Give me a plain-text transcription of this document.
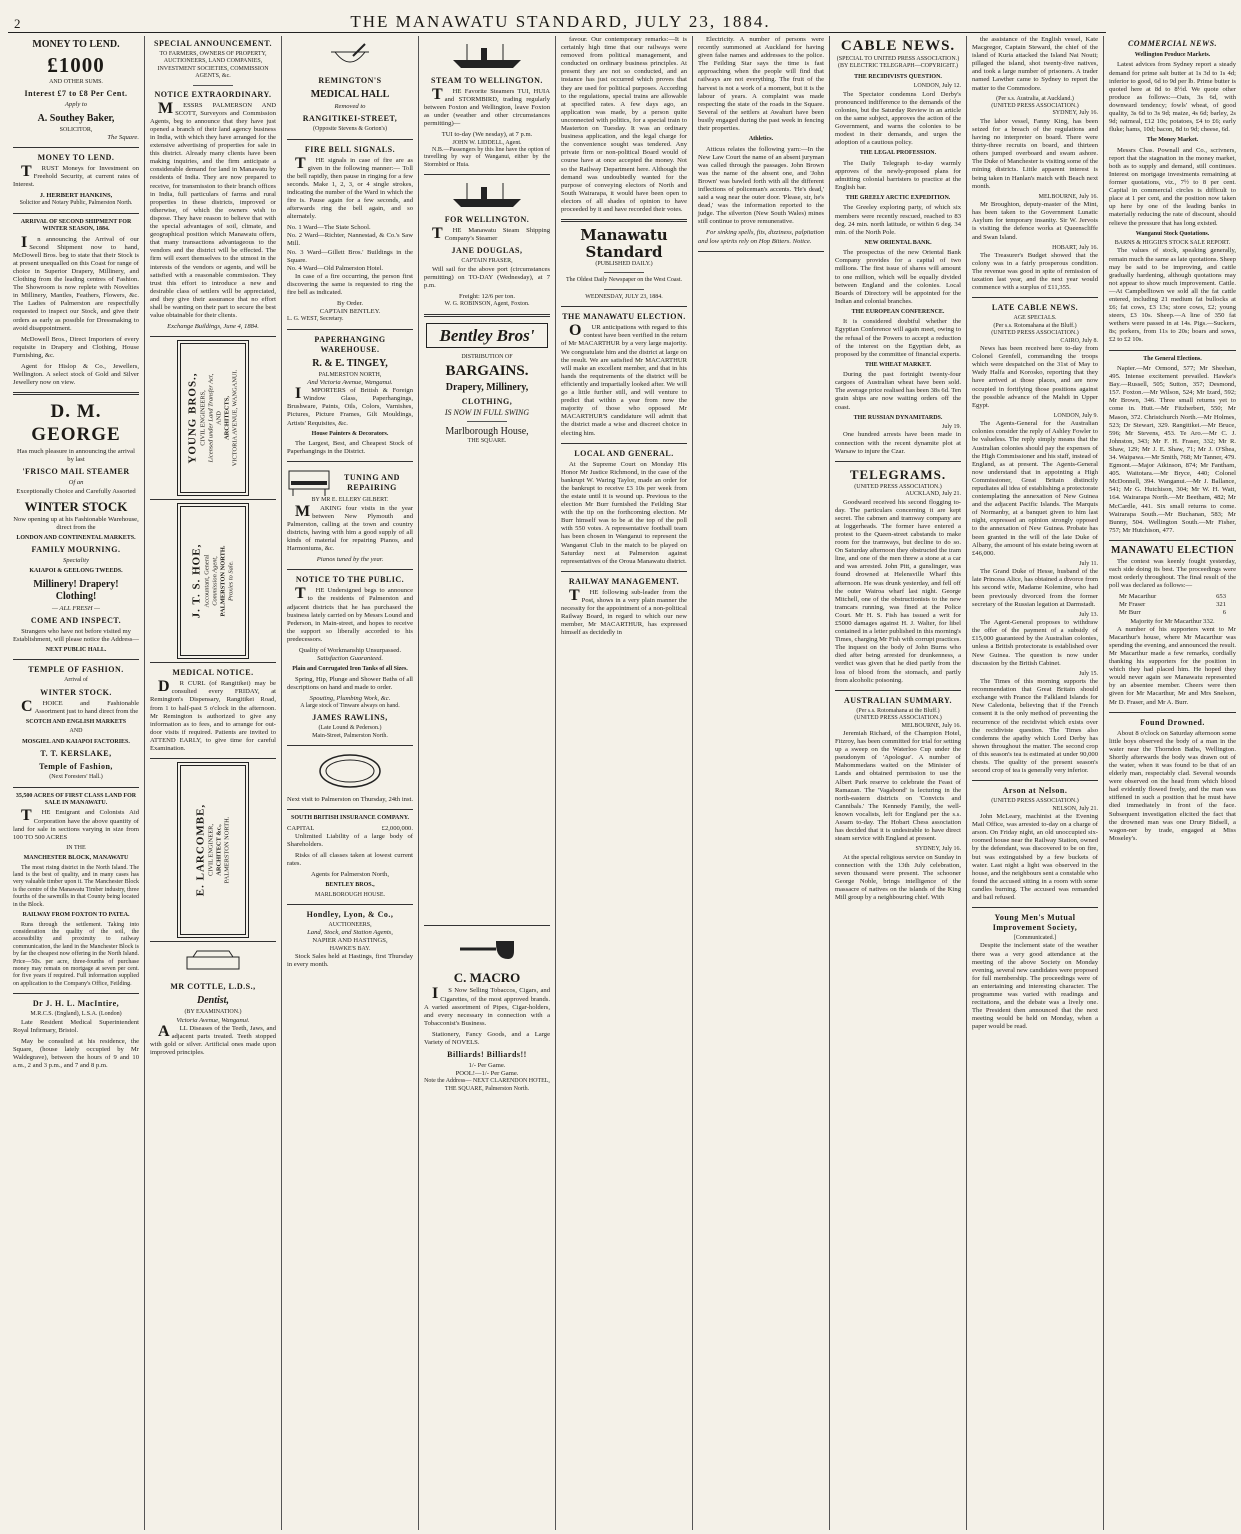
2	THE MANAWATU STANDARD, JULY 23, 1884.
MONEY TO LEND.
£1000
AND OTHER SUMS.
Interest £7 to £8 Per Cent.
Apply to
A. Southey Baker,
SOLICITOR,
The Square.
MONEY TO LEND.

TRUST Moneys for Investment on Freehold Security, at current rates of Interest.

J. HERBERT HANKINS,
Solicitor and Notary Public, Palmerston North.
ARRIVAL OF SECOND SHIPMENT FOR WINTER SEASON, 1884.

In announcing the Arrival of our Second Shipment now to hand, McDowell Bros. beg to state that their Stock is at present unequalled on this Coast for range of choice in Superior Drapery, Millinery, and Clothing from the leading centres of Fashion. The Showroom is now replete with Novelties in Millinery, Mantles, Feathers, Flowers, &c. The Ladies of Palmerston are respectfully requested to inspect our Stock, and give their orders as early as possible for Dressmaking to avoid disappointment.

McDowell Bros., Direct Importers of every requisite in Drapery and Clothing, House Furnishing, &c.

Agent for Hislop & Co., Jewellers, Wellington. A select stock of Gold and Silver Jewellery now on view.

D. M. GEORGE
Has much pleasure in announcing the arrival by last
'FRISCO MAIL STEAMER
Of an
Exceptionally Choice and Carefully Assorted
WINTER STOCK
Now opening up at his Fashionable Warehouse, direct from the
LONDON AND CONTINENTAL MARKETS.
FAMILY MOURNING.
Speciality
KAIAPOI & GEELONG TWEEDS.
Millinery! Drapery! Clothing!
— ALL FRESH —
COME AND INSPECT.
Strangers who have not before visited my Establishment, will please notice the Address—
NEXT PUBLIC HALL.
TEMPLE OF FASHION.
Arrival of
WINTER STOCK.

CHOICE and Fashionable Assortment just to hand direct from the

SCOTCH AND ENGLISH MARKETS
AND
MOSGIEL AND KAIAPOI FACTORIES.
T. T. KERSLAKE,
Temple of Fashion,
(Next Foresters' Hall.)
35,500 ACRES OF FIRST CLASS LAND FOR SALE IN MANAWATU.

THE Emigrant and Colonists Aid Corporation have the above quantity of land for sale in sections varying in size from 100 TO 500 ACRES

IN THE
MANCHESTER BLOCK, MANAWATU

The most rising district in the North Island. The land is the best of quality, and in many cases has very valuable timber upon it. The Manchester Block is the centre of the Manawatu Timber industry, three fourths of the sawmills in that County being located in the Block.

RAILWAY FROM FOXTON TO PATEA.

Runs through the settlement. Taking into consideration the quality of the soil, the accessibility and proximity to railway communication, the land in the Manchester Block is by far the cheapest now offering in the North Island. Price—50s. per acre, three-fourths of purchase money may remain on mortgage at seven per cent. for five years if required. Full information supplied on application to the Company's Office, Feilding.

Dr J. H. L. MacIntire,
M.R.C.S. (England), L.S.A. (London)

Late Resident Medical Superintendent Royal Infirmary, Bristol.

May be consulted at his residence, the Square, (house lately occupied by Mr Waldegrave), between the hours of 9 and 10 a.m., 2 and 3 p.m., and 7 and 8 p.m.

SPECIAL ANNOUNCEMENT.
TO FARMERS, OWNERS OF PROPERTY, AUCTIONEERS, LAND COMPANIES, INVESTMENT SOCIETIES, COMMISSION AGENTS, &c.
NOTICE EXTRAORDINARY.

MESSRS PALMERSON AND SCOTT, Surveyors and Commission Agents, beg to announce that they have just opened a branch of their land agency business in India, with which they have arranged for the extensive advertising of properties for sale in this district. Already many clients have been making inquiries, and the firm anticipate a considerable demand for land in Manawatu by residents of India. They are now prepared to receive, for transmission to their branch offices in India, full particulars of farms and rural properties in these districts, improved or otherwise, of which the owners wish to dispose. They have reason to believe that with the special advantages of soil, climate, and geographical position which Manawatu offers, that many transactions advantageous to the vendors and the district will be effected. The firm will exert themselves to the utmost in the interests of the vendors or agents, and will be satisfied with a reasonable commission. They trust this effort to introduce a new and desirable class of settlers will be appreciated, and they give their assurance that no effort shall be wanting on their part to secure the best value obtainable for their clients.

Exchange Buildings, June 4, 1884.
YOUNG BROS., CIVIL ENGINEERS, Licensed under Land Transfer Act, AND ARCHITECTS, VICTORIA AVENUE, WANGANUI.
J. T. S. HOE, Accountant, General Commission Agent, PALMERSTON NORTH. Proxies to Sale.
MEDICAL NOTICE.

DR CURL (of Rangitikei) may be consulted every FRIDAY, at Remington's Dispensary, Rangitikei Road, from 1 to half-past 5 o'clock in the afternoon. Mr Remington is authorized to give any information as to fees, and to arrange for out-door visits if required. Patients are invited to ATTEND EARLY, to give time for careful Examination.

E. LARCOMBE, CIVIL ENGINEER, ARCHITECT &c., PALMERSTON NORTH.
MR COTTLE, L.D.S.,
Dentist,
(BY EXAMINATION.)
Victoria Avenue, Wanganui.

ALL Diseases of the Teeth, Jaws, and adjacent parts treated. Teeth stopped with gold or silver. Artificial ones made upon improved principles.

REMINGTON'S
MEDICAL HALL
Removed to
RANGITIKEI-STREET,
(Opposite Stevens & Gorton's)
FIRE BELL SIGNALS.

THE signals in case of fire are as given in the following manner:— Toll the bell rapidly, then pause in ringing for a few seconds. Make 1, 2, 3, or 4 single strokes, indicating the number of the Ward in which the fire is. Pause again for a few seconds, and afterwards ring the bell again, and so alternately.

No. 1 Ward—The State School.
No. 2 Ward—Richter, Nannestad, & Co.'s Saw Mill.
No. 3 Ward—Gillett Bros.' Buildings in the Square.
No. 4 Ward—Old Palmerston Hotel.

In case of a fire occurring, the person first discovering the same is requested to ring the fire bell as indicated.

By Order.
CAPTAIN BENTLEY.
L. G. WEST, Secretary.
PAPERHANGING WAREHOUSE.
R. & E. TINGEY,
PALMERSTON NORTH,
And Victoria Avenue, Wanganui.

IMPORTERS of British & Foreign Window Glass, Paperhangings, Brushware, Paints, Oils, Colors, Varnishes, Pictures, Picture Frames, Gilt Mouldings, Artists' Requisites, &c.

House Painters & Decorators.

The Largest, Best, and Cheapest Stock of Paperhangings in the District.

TUNING AND REPAIRING
BY MR E. ELLERY GILBERT.

MAKING four visits in the year between New Plymouth and Palmerston, calling at the town and country districts, having with him a good supply of all kinds of material for repairing Pianos, and Harmoniums, &c.

Pianos tuned by the year.
NOTICE TO THE PUBLIC.

THE Undersigned begs to announce to the residents of Palmerston and adjacent districts that he has purchased the business lately carried on by Messrs Lound and Pederson, in Main-street, and hopes to receive the support so liberally accorded to his predecessors.

Quality of Workmanship Unsurpassed.
Satisfaction Guaranteed.
Plain and Corrugated Iron Tanks of all Sizes.

Spring, Hip, Plunge and Shower Baths of all descriptions on hand and made to order.

Spouting, Plumbing Work, &c.
A large stock of Tinware always on hand.
JAMES RAWLINS,
(Late Lound & Pederson.)
Main-Street, Palmerston North.
Next visit to Palmerston on Thursday, 24th inst.
SOUTH BRITISH INSURANCE COMPANY.
CAPITAL	£2,000,000.

Unlimited Liability of a large body of Shareholders.

Risks of all classes taken at lowest current rates.

Agents for Palmerston North,
BENTLEY BROS.,
MARLBOROUGH HOUSE.
Hondley, Lyon, & Co.,
AUCTIONEERS,
Land, Stock, and Station Agents,
NAPIER AND HASTINGS,
HAWKE'S BAY.

Stock Sales held at Hastings, first Thursday in every month.

STEAM TO WELLINGTON.

THE Favorite Steamers TUI, HUIA and STORMBIRD, trading regularly between Foxton and Wellington, leave Foxton as under (weather and other circumstances permitting)—

TUI to-day (We nesday), at 7 p.m.
JOHN W. LIDDELL, Agent.

N.B.—Passengers by this line have the option of travelling by way of Wanganui, either by the Stormbird or Huia.

FOR WELLINGTON.

THE Manawatu Steam Shipping Company's Steamer

JANE DOUGLAS,
CAPTAIN FRASER,

Will sail for the above port (circumstances permitting) on TO-DAY (Wednesday), at 7 p.m.

Freight: 12/6 per ton.
W. G. ROBINSON, Agent, Foxton.
Bentley Bros'
DISTRIBUTION OF
BARGAINS.
Drapery, Millinery,
CLOTHING,
IS NOW IN FULL SWING
Marlborough House,
THE SQUARE.
C. MACRO

IS Now Selling Tobaccos, Cigars, and Cigarettes, of the most approved brands. A varied assortment of Pipes, Cigar-holders, and every necessary in connection with a Tobacconist's Business.

Stationery, Fancy Goods, and a Large Variety of NOVELS.

Billiards! Billiards!!
1/- Per Game.
POOL!—1/- Per Game.
Note the Address— NEXT CLARENDON HOTEL, THE SQUARE, Palmerston North.

favour. Our contemporary remarks:—It is certainly high time that our railways were removed from political management, and conducted on ordinary business principles. At present they are not so conducted, and an instance has just occurred which proves that they are used for political purposes. According to the regulations, special trains are allowable at specified rates. A few days ago, an application was made, by a person quite unconnected with politics, for a special train to Masterton on Tuesday. It was an ordinary business application, and the legal charge for the convenience sought was tendered. Any private firm or non-political Board would of course have at once accepted the money. Not so the Railway Department here. Although the demand was undoubtedly wanted for the purpose of conveying electors of North and South Wairarapa, it would have been open to electors of all shades of opinion to have proceeded by it and have recorded their votes.

Manawatu Standard
(PUBLISHED DAILY.)
The Oldest Daily Newspaper on the West Coast.
WEDNESDAY, JULY 23, 1884.
THE MANAWATU ELECTION.

OUR anticipations with regard to this contest have been verified in the return of Mr MACARTHUR by a very large majority. We congratulate him and the district at large on the result. We are satisfied Mr MACARTHUR will make an excellent member, and that in his hands the requirements of the district will be efficiently and impartially looked after. We will go a little further still, and will venture to predict that within a year from now the majority of those who opposed Mr MACARTHUR'S candidature will admit that the district made a wise and discreet choice in electing him.

LOCAL AND GENERAL.

At the Supreme Court on Monday His Honor Mr Justice Richmond, in the case of the bankrupt W. Waring Taylor, made an order for the bankrupt to receive £3 10s per week from the estate until it is wound up. Previous to the election Mr Burr furnished the Feilding Star with the tip on the forthcoming election. Mr Burr himself was to be at the top of the poll with 550 votes. A representative football team has been chosen in Wanganui to represent the Wanganui Club in the match to be played on Saturday next at Palmerston against representatives of the Oroua Manawatu district.

RAILWAY MANAGEMENT.

THE following sub-leader from the Post, shows in a very plain manner the necessity for the appointment of a non-political Railway Board, in regard to which our new member, Mr MACARTHUR, has expressed himself as decidedly in

Electricity. A number of persons were recently summoned at Auckland for having given false names and addresses to the police. The Feilding Star says the time is fast approaching when the people will find that railways are not everything. The fruit of the harvest is not a work of a moment, but it is the labour of years. A complaint was made respecting the state of the roads in the Square. Several of the settlers at Awahuri have been busily engaged during the past week in fencing their properties.

Athletics.

Atticus relates the following yarn:—In the New Law Court the name of an absent juryman was called through the passages. John Brown was the name of the absent one, and 'John Brown' was bawled forth with all the different inflections of policeman's accents. 'He's dead,' said a wag near the outer door. 'Please, sir, he's dead,' was the information reported to the judge. The silverton (New South Wales) mines still continue to prove remunerative.

For sinking spells, fits, dizziness, palpitation and low spirits rely on Hop Bitters. Notice.

CABLE NEWS.
(SPECIAL TO UNITED PRESS ASSOCIATION.)
(BY ELECTRIC TELEGRAPH—COPYRIGHT.)
THE RECIDIVISTS QUESTION.
LONDON, July 12.

The Spectator condemns Lord Derby's pronounced indifference to the demands of the colonies, but the Saturday Review in an article on the same subject, approves the action of the Government, and warns the colonies to be modest in their demands, and urges the adoption of a cautious policy.

THE LEGAL PROFESSION.

The Daily Telegraph to-day warmly approves of the newly-proposed plans for admitting colonial barristers to practice at the English bar.

THE GREELY ARCTIC EXPEDITION.

The Greeley exploring party, of which six members were recently rescued, reached to 83 deg. 24 min. north latitude, or within 6 deg. 34 min. of the North Pole.

NEW ORIENTAL BANK.

The prospectus of the new Oriental Bank Company provides for a capital of two millions. The first issue of shares will amount to one million, which will be equally divided between England and the colonies. Local Boards of Directory will be appointed for the Indian and colonial branches.

THE EUROPEAN CONFERENCE.

It is considered doubtful whether the Egyptian Conference will again meet, owing to the refusal of the Powers to accept a reduction of the interest on the Egyptian debt, as proposed by the committee of financial experts.

THE WHEAT MARKET.

During the past fortnight twenty-four cargoes of Australian wheat have been sold. The average price realised has been 38s 6d. Ten grain ships are now waiting orders off the coast.

THE RUSSIAN DYNAMITARDS.
July 19.

One hundred arrests have been made in connection with the recent dynamite plot at Warsaw to injure the Czar.

TELEGRAMS.
(UNITED PRESS ASSOCIATION.)
AUCKLAND, July 21.

Goodward received his second flogging to-day. The particulars concerning it are kept secret. The cabmen and tramway company are at loggerheads. The former have entered a protest to the Queen-street cabstands to make room for the tramways, but decline to do so. On Saturday afternoon they obstructed the tram line, and one of the men threw a stone at a car and was arrested. John Pitt, a gunslinger, was found drowned at Helensville Wharf this afternoon. He was drunk yesterday, and fell off the outer Wairoa wharf last night. George Mitchell, one of the obstructionists to the new tramcars running, was fined at the Police Court. Mr H. S. Fish has issued a writ for £5000 damages against H. J. Walter, for libel contained in a letter published in this morning's Times, charging Mr Fish with corrupt practices. The inquest on the body of John Burns who died after being arrested for drunkenness, a verdict was given that he died partly from the loss of blood from the stomach, and partly from alcoholic poisoning.

AUSTRALIAN SUMMARY.
(Per s.s. Rotomahana at the Bluff.)
(UNITED PRESS ASSOCIATION.)
MELBOURNE, July 16.

Jeremiah Richard, of the Champion Hotel, Fitzroy, has been committed for trial for setting up a sweep on the Waterloo Cup under the pseudonym of 'Apologue'. A number of Mahommedans waited on the Minister of Lands and obtained permission to use the Albert Park reserve to celebrate the Feast of Ramazan. The 'Vagabond' is lecturing in the north-eastern districts on 'Convicts and Cannibals.' The Kennedy Family, the well-known vocalists, left for England per the s.s. Assam to-day. The Hobart Chess association has decided that it is undesirable to have direct steam service with England at present.

SYDNEY, July 16.

At the special religious service on Sunday in connection with the 13th July celebration, seven thousand were present. The schooner George Noble, brings intelligence of the massacre of natives on the islands of the King Mill group by a neighbouring chief. With

the assistance of the English vessel, Kate Macgregor, Captain Steward, the chief of the island of Kuria attacked the Island Nai Nouti; pillaged the island, shot twenty-five natives, and took a large number of prisoners. A trader named Lawther came to Sydney to report the matter to the Commodore.

(Per s.s. Australia, at Auckland.)
(UNITED PRESS ASSOCIATION.)
SYDNEY, July 16.

The labor vessel, Fanny King, has been seized for a breach of the regulations and having no interpreter on board. There were thirty-three recruits on board, and thirteen others jumped overboard and swam ashore. The Duke of Manchester is visiting some of the mining districts. Little apparent interest is being taken in Hanlan's match with Beach next month.

MELBOURNE, July 16.

Mr Broughton, deputy-master of the Mint, has been taken to the Government Lunatic Asylum for temporary insanity. Sir W. Jervois is visiting the defence works at Queenscliffe and Swan Island.

HOBART, July 16.

The Treasurer's Budget showed that the colony was in a fairly prosperous condition. The revenue was good in spite of remission of taxation last year, and the next year would commence with a surplus of £11,355.

LATE CABLE NEWS.
AGE SPECIALS.
(Per s.s. Rotomahana at the Bluff.)
(UNITED PRESS ASSOCIATION.)
CAIRO, July 8.

News has been received here to-day from Colonel Grenfell, commanding the troops which were despatched on the 31st of May to Wady Halfa and Korosko, reporting that they have arrived at those places, and are now occupied in fortifying those positions against the possible advance of the Mahdi in Upper Egypt.

LONDON, July 9.

The Agents-General for the Australian colonies consider the reply of Ashley Fowler to be valueless. The reply simply means that the Australian colonies should pay the expenses of the High Commissioner and his staff, instead of England, as at present. The Agents-General now understand that in appointing a High Commissioner, Great Britain distinctly repudiates all idea of establishing a protectorate contemplating the annexation of New Guinea and the adjacent Pacific Islands. The Marquis of Normanby, at a banquet given to him last night, expressed an opinion strongly opposed to the annexation of New Guinea. Probate has been granted in the will of the late Duke of Albany, the amount of his estate being sworn at £46,000.

July 11.

The Grand Duke of Hesse, husband of the late Princess Alice, has obtained a divorce from his second wife, Madame Kolemine, who had been previously divorced from the former secretary of the Russian legation at Darmstadt.

July 13.

The Agent-General proposes to withdraw the offer of the payment of a subsidy of £15,000 guaranteed by the Australian colonies, unless a British protectorate is established over New Guinea. The question is now under discussion by the British Cabinet.

July 15.

The Times of this morning supports the recommendation that Great Britain should exchange with France the Falkland Islands for New Caledonia, believing that if the French consent it is the only method of preventing the recurrence of the recidivist which exists over the recidiviste question. The Times also condemns the apathy which Lord Derby has shown throughout the matter. The second crop of this season's tea is estimated at under 90,000 chests. The quality of the present season's second crop of tea is generally very inferior.

Arson at Nelson.
(UNITED PRESS ASSOCIATION.)
NELSON, July 21.

John McLeary, machinist at the Evening Mail Office, was arrested to-day on a charge of arson. On Friday night, an old unoccupied six-roomed house near the Railway Station, owned by the defendant, was discovered to be on fire, but was extinguished by a few buckets of water. Last night a light was observed in the house, and the neighbours sent a constable who found the accused sitting in a room with some candles burning. The accused was remanded and bail refused.

Young Men's Mutual Improvement Society,
[Communicated.]

Despite the inclement state of the weather there was a very good attendance at the meeting of the above Society on Monday evening, several new candidates were proposed for full membership. The proceedings were of an entertaining and interesting character. The programme was varied with readings and recitations, and the debate was a lively one. The President then announced that the next meeting would be held on Monday, when a paper would be read.

COMMERCIAL NEWS.
Wellington Produce Markets.

Latest advices from Sydney report a steady demand for prime salt butter at 1s 3d to 1s 4d; inferior to good, 6d to 9d per lb. Prime butter is quoted here at 8d to 8½d. We quote other produce as follows:—Oats, 3s 6d, with downward tendency; fowls' wheat, of good quality, 3s 6d to 3s 9d; maize, 4s 6d; barley, 2s 9d; oatmeal, £12 10s; potatoes, £4 to £6; early fluke; hams, 10d; bacon, 8d to 9d; cheese, 6d.

The Money Market.

Messrs Chas. Pownall and Co., scrivners, report that the stagnation in the money market, both as to supply and demand, still continues. Interest on mortgage investments remaining at former quotations, viz., 7½ to 8 per cent. Capital in commercial circles is difficult to place at 1 per cent, and the position now taken up here by one of the leading banks in materially reducing the rate of discount, should relieve the pressure that has long existed.

Wanganui Stock Quotations.
BARNS & HIGGIE'S STOCK SALE REPORT.

The values of stock, speaking generally, remain much the same as late quotations. Sheep may be said to be improving, and cattle gradually hardening, although quotations may not appear to show much improvement. Cattle.—At Campbelltown we sold all the fat cattle entered, including 21 medium fat bullocks at £6; fat cows, £3 13s; store cows, £2; young steers, £3 10s. Sheep.—A line of 350 fat wethers were passed in at 14s. Pigs.—Suckers, 8s; porkers, from 11s to 20s; boars and sows, £2 to £2 10s.

The General Elections.

Napier.—Mr Ormond, 577; Mr Sheehan, 495. Intense excitement prevailed. Hawke's Bay.—Russell, 505; Sutton, 357; Desmond, 157. Foxton.—Mr Wilson, 524; Mr Izard, 592; Mr Brown, 346. Three small returns yet to come in. Hutt.—Mr Fitzherbert, 550; Mr Mason, 372. Christchurch North.—Mr Holmes, 523; Dr Stewart, 329. Rangitikei.—Mr Bruce, 596; Mr Stevens, 453. Te Aro.—Mr C. J. Johnston, 343; Mr F. H. Fraser, 332; Mr R. Shaw, 129; Mr J. E. Shaw, 71; Mr J. O'Shea, 34. Waipawa.—Mr Smith, 768; Mr Tanner, 479. Egmont.—Major Atkinson, 874; Mr Fantham, 405. Waitotara.—Mr Bryce, 440; Colonel McDonnell, 394. Wanganui.—Mr J. Ballance, 541; Mr G. Hutchison, 304; Mr W. H. Watt, 164. Wairarapa North.—Mr Beetham, 482; Mr McCardle, 441. Six small returns to come. Wairarapa South.—Mr Buchanan, 583; Mr Bunny, 504. Wellington South.—Mr Fisher, 757; Mr Hutchison, 477.

MANAWATU ELECTION

The contest was keenly fought yesterday, each side doing its best. The proceedings were most orderly throughout. The final result of the poll was declared as follows:—

Mr Macarthur	653
Mr Fraser	321
Mr Burr	6
Majority for Mr Macarthur 332.

A number of his supporters went to Mr Macarthur's house, where Mr Macarthur was spending the evening, and announced the result. Mr Macarthur made a few remarks, cordially thanking his supporters for the position in which they had placed him. He hoped they would never again see Manawatu represented by an absentee member. Cheers were then given for Mr Macarthur, Mr and Mrs Snelson, Mr D. Fraser, and Mr A. Burr.

Found Drowned.

About 8 o'clock on Saturday afternoon some little boys observed the body of a man in the water near the Thorndon Baths, Wellington. Shortly afterwards the body was drawn out of the water, when it was found to be that of an elderly man, respectably clad. Several wounds were observed on the head from which blood had evidently flowed freely, and the man was stiffened in such a position that he must have died immediately in front of the face. Subsequent investigation elicited the fact that the drowned man was one Drury Bidsell, a wagon-ner by trade, engaged at Miss Moseley's.
